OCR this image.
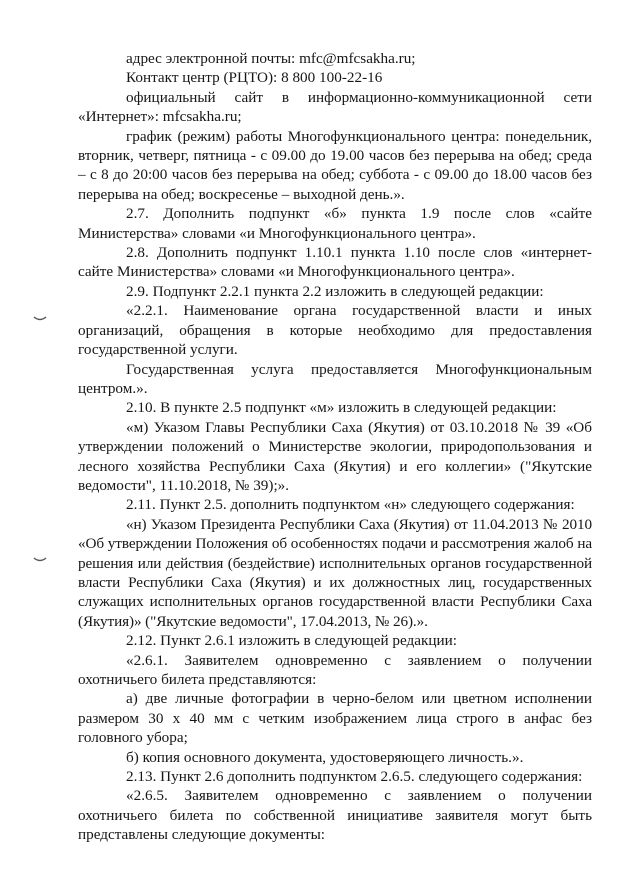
адрес электронной почты: mfc@mfcsakha.ru;

Контакт центр (РЦТО): 8 800 100-22-16

официальный сайт в информационно-коммуникационной сети «Интернет»: mfcsakha.ru;

график (режим) работы Многофункционального центра: понедельник, вторник, четверг, пятница - с 09.00 до 19.00 часов без перерыва на обед; среда – с 8 до 20:00 часов без перерыва на обед; суббота - с 09.00 до 18.00 часов без перерыва на обед; воскресенье – выходной день.».

2.7. Дополнить подпункт «б» пункта 1.9 после слов «сайте Министерства» словами «и Многофункционального центра».

2.8. Дополнить подпункт 1.10.1 пункта 1.10 после слов «интернет-сайте Министерства» словами «и Многофункционального центра».

2.9. Подпункт 2.2.1 пункта 2.2 изложить в следующей редакции:

«2.2.1. Наименование органа государственной власти и иных организаций, обращения в которые необходимо для предоставления государственной услуги.

Государственная услуга предоставляется Многофункциональным центром.».

2.10. В пункте 2.5 подпункт «м» изложить в следующей редакции:

«м) Указом Главы Республики Саха (Якутия) от 03.10.2018 № 39 «Об утверждении положений о Министерстве экологии, природопользования и лесного хозяйства Республики Саха (Якутия) и его коллегии» ("Якутские ведомости", 11.10.2018, № 39);».

2.11. Пункт 2.5. дополнить подпунктом «н» следующего содержания:

«н) Указом Президента Республики Саха (Якутия) от 11.04.2013 № 2010 «Об утверждении Положения об особенностях подачи и рассмотрения жалоб на решения или действия (бездействие) исполнительных органов государственной власти Республики Саха (Якутия) и их должностных лиц, государственных служащих исполнительных органов государственной власти Республики Саха (Якутия)» ("Якутские ведомости", 17.04.2013, № 26).».

2.12. Пункт 2.6.1 изложить в следующей редакции:

«2.6.1. Заявителем одновременно с заявлением о получении охотничьего билета представляются:

а) две личные фотографии в черно-белом или цветном исполнении размером 30 х 40 мм с четким изображением лица строго в анфас без головного убора;

б) копия основного документа, удостоверяющего личность.».

2.13. Пункт 2.6 дополнить подпунктом 2.6.5. следующего содержания:

«2.6.5. Заявителем одновременно с заявлением о получении охотничьего билета по собственной инициативе заявителя могут быть представлены следующие документы:
